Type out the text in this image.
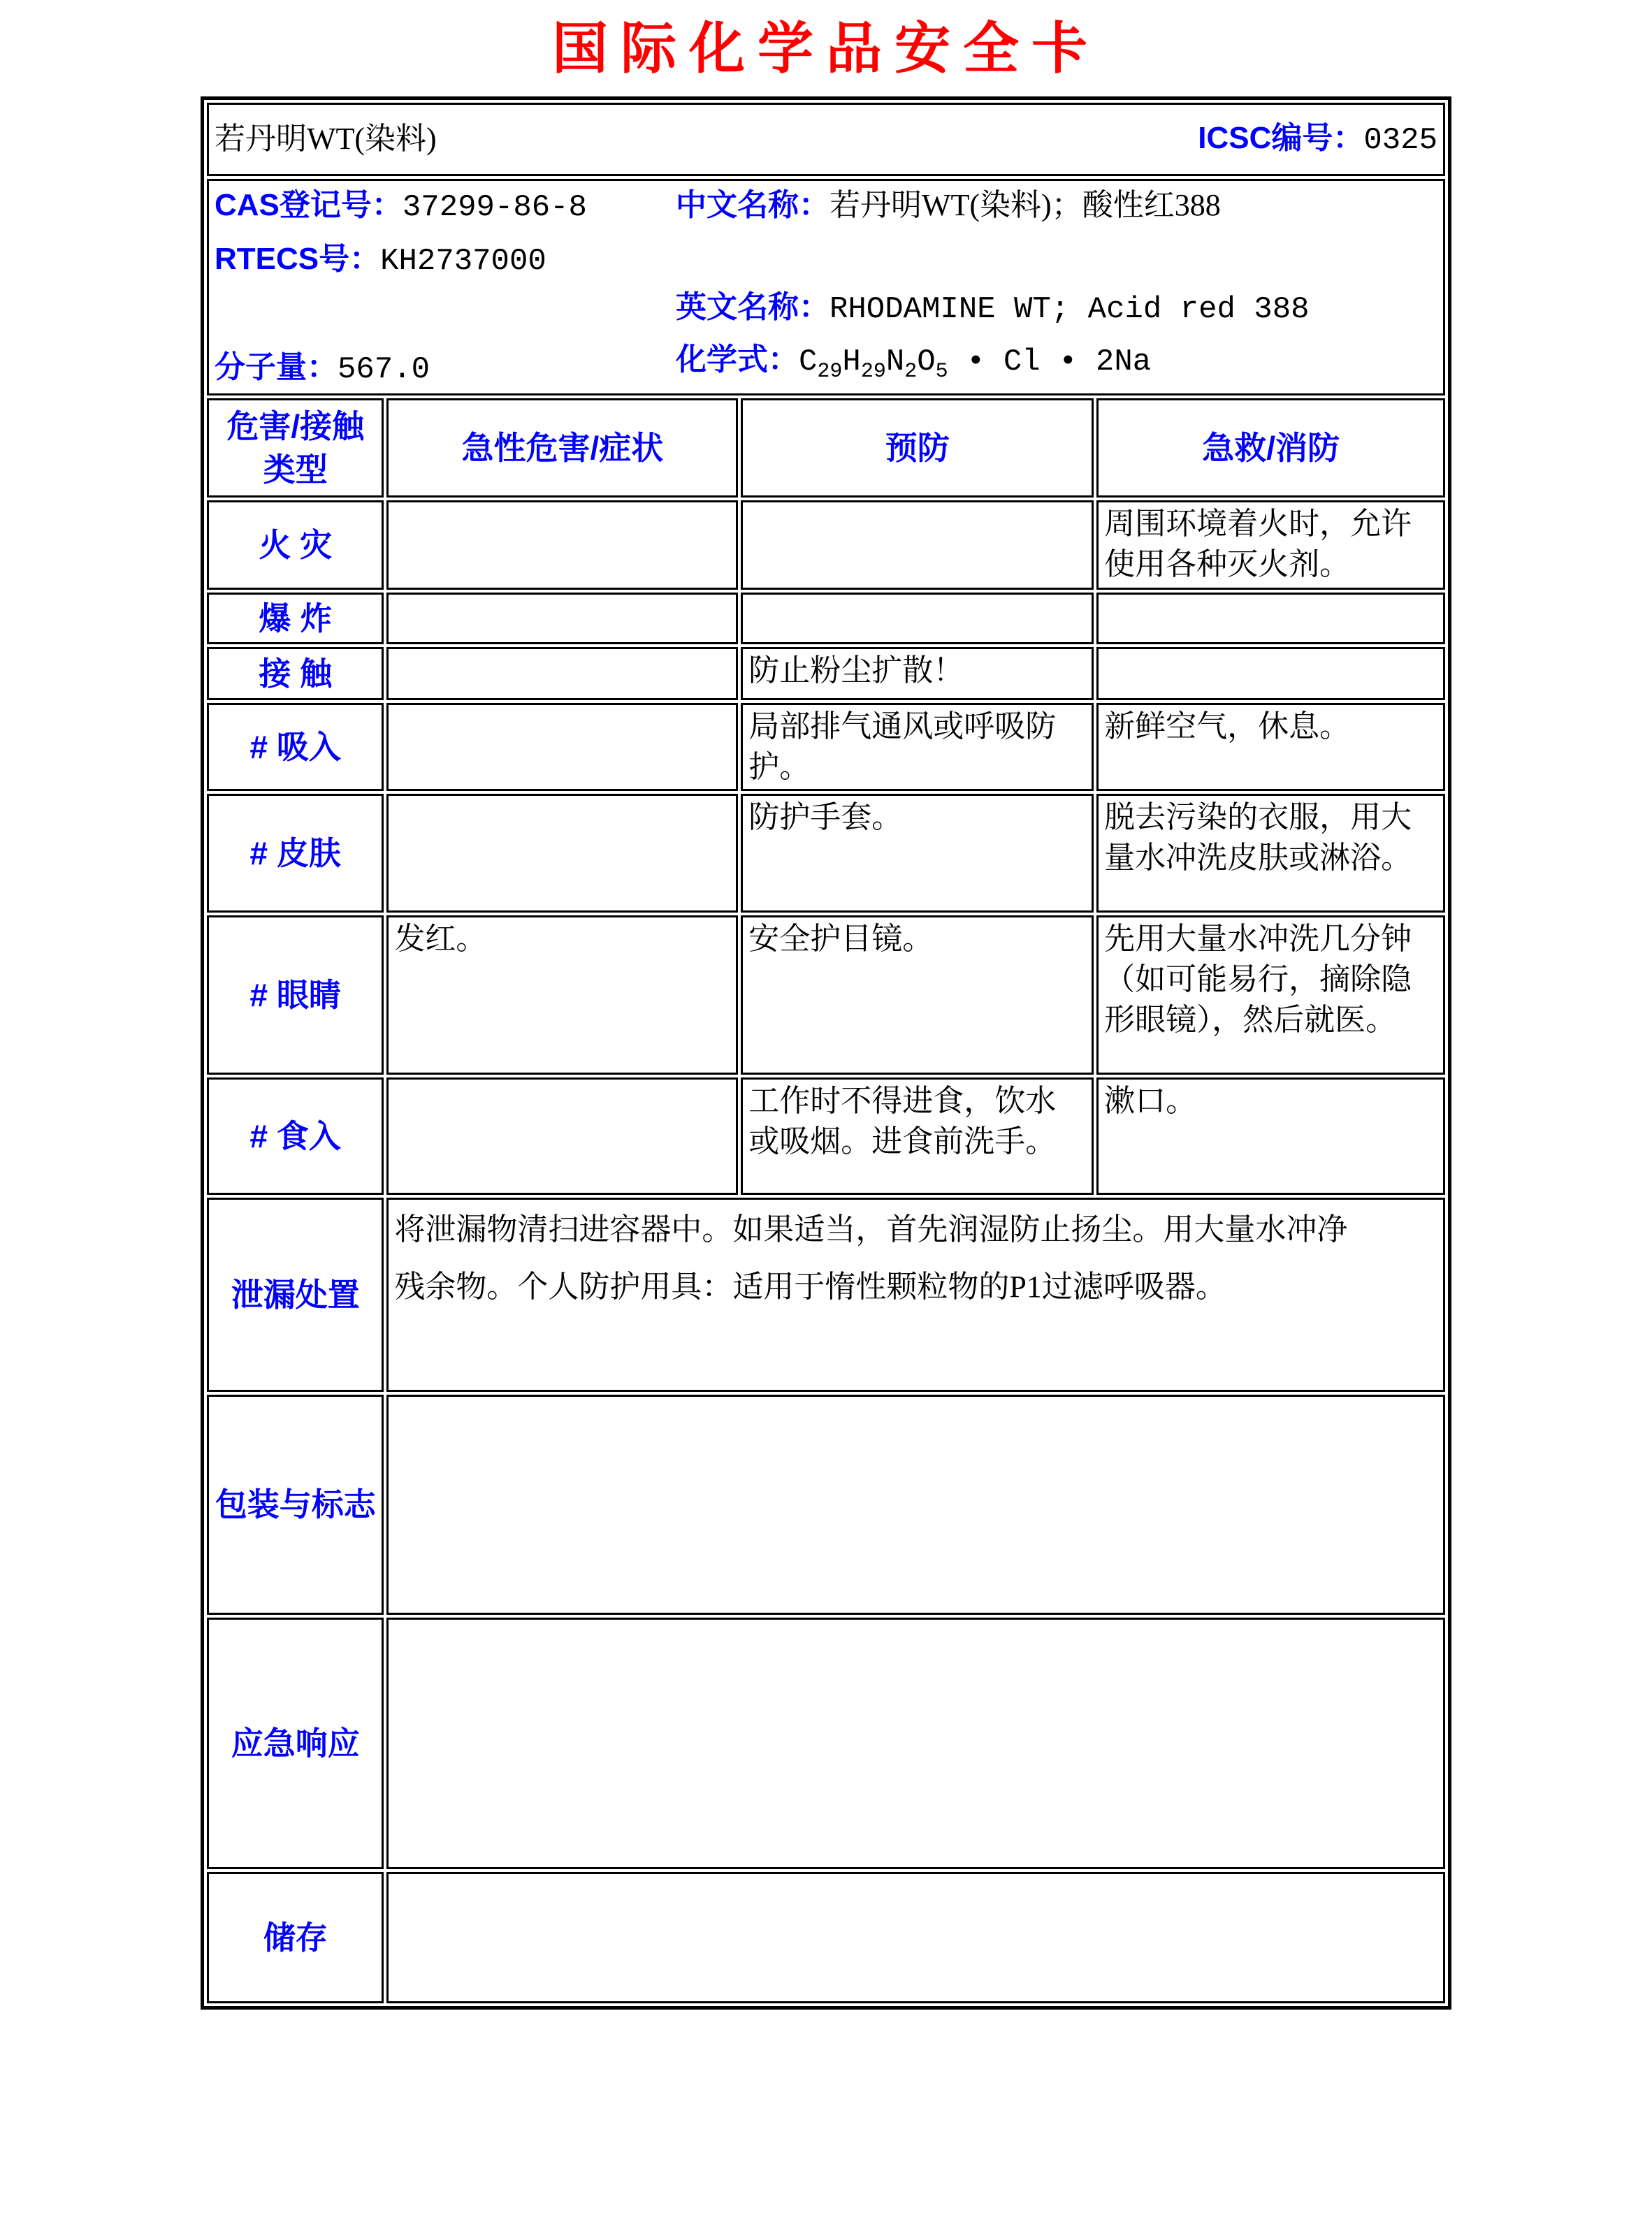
国际化学品安全卡
若丹明WT(染料) ICSC编号：0325			

CAS登记号：37299-86-8
RTECS号：KH2737000
分子量：567.0
中文名称：若丹明WT(染料)；酸性红388
英文名称：RHODAMINE WT; Acid red 388
化学式：$C_{29}H_{29}N_2O_5$ • Cl • 2Na

危害/接触
类型	急性危害/症状	预防	急救/消防
火 灾			周围环境着火时，允许使用各种灭火剂。
爆 炸			
接 触		防止粉尘扩散！	
# 吸入		局部排气通风或呼吸防护。	新鲜空气，休息。
# 皮肤		防护手套。	脱去污染的衣服，用大量水冲洗皮肤或淋浴。
# 眼睛	发红。	安全护目镜。	先用大量水冲洗几分钟（如可能易行，摘除隐形眼镜），然后就医。
# 食入		工作时不得进食，饮水或吸烟。进食前洗手。	漱口。
泄漏处置	将泄漏物清扫进容器中。如果适当，首先润湿防止扬尘。用大量水冲净残余物。个人防护用具：适用于惰性颗粒物的P1过滤呼吸器。		
包装与标志			
应急响应			
储存			
